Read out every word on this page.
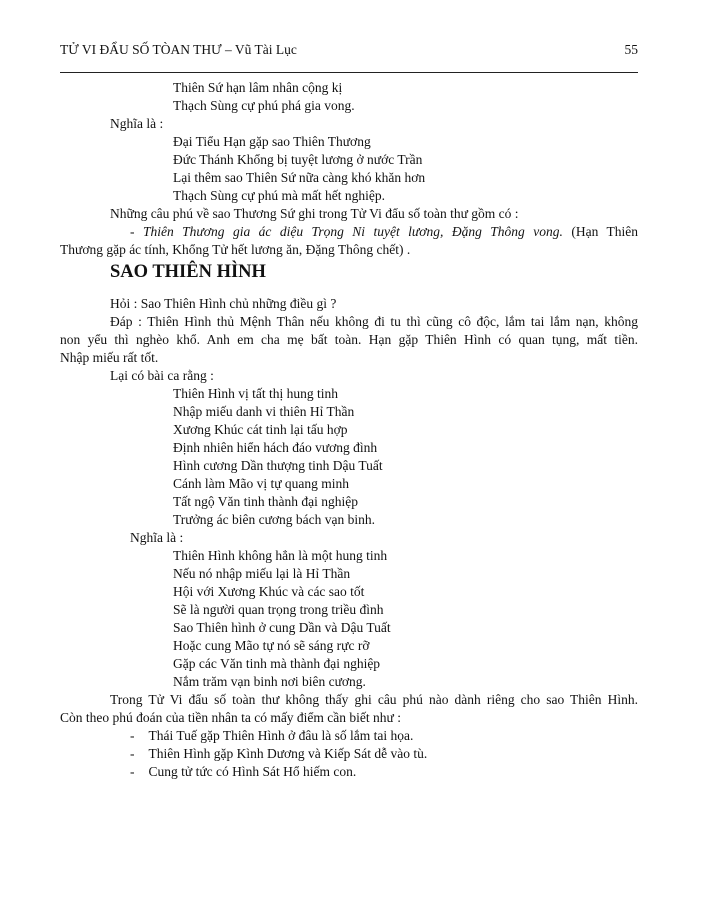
TỬ VI ĐẨU SỐ TÒAN THƯ – Vũ Tài Lục	55
Thiên Sứ hạn lâm nhân cộng kị
Thạch Sùng cự phú phá gia vong.
Nghĩa là :
Đại Tiểu Hạn gặp sao Thiên Thương
Đức Thánh Khổng bị tuyệt lương ở nước Trần
Lại thêm sao Thiên Sứ nữa càng khó khăn hơn
Thạch Sùng cự phú mà mất hết nghiệp.
Những câu phú về sao Thương Sứ ghi trong Tử Vi đẩu số toàn thư gồm có :
- Thiên Thương gia ác diệu Trọng Ni tuyệt lương, Đặng Thông vong. (Hạn Thiên
Thương gặp ác tính, Khổng Tử hết lương ăn, Đặng Thông chết) .
SAO THIÊN HÌNH
Hỏi : Sao Thiên Hình chủ những điều gì ?
Đáp : Thiên Hình thủ Mệnh Thân nếu không đi tu thì cũng cô độc, lắm tai lắm nạn, không
non yểu thì nghèo khổ. Anh em cha mẹ bất toàn. Hạn gặp Thiên Hình có quan tụng, mất tiền.
Nhập miếu rất tốt.
Lại có bài ca rằng :
Thiên Hình vị tất thị hung tinh
Nhập miếu danh vi thiên Hỉ Thần
Xương Khúc cát tinh lại tấu hợp
Định nhiên hiển hách đáo vương đình
Hình cương Dần thượng tinh Dậu Tuất
Cánh làm Mão vị tự quang minh
Tất ngộ Văn tinh thành đại nghiệp
Trưởng ác biên cương bách vạn binh.
Nghĩa là :
Thiên Hình không hẳn là một hung tinh
Nếu nó nhập miếu lại là Hỉ Thần
Hội với Xương Khúc và các sao tốt
Sẽ là người quan trọng trong triều đình
Sao Thiên hình ở cung Dần và Dậu Tuất
Hoặc cung Mão tự nó sẽ sáng rực rỡ
Gặp các Văn tinh mà thành đại nghiệp
Nắm trăm vạn binh nơi biên cương.
Trong Tử Vi đẩu số toàn thư không thấy ghi câu phú nào dành riêng cho sao Thiên Hình.
Còn theo phú đoán của tiền nhân ta có mấy điểm cần biết như :
- Thái Tuế gặp Thiên Hình ở đâu là số lắm tai họa.
- Thiên Hình gặp Kình Dương và Kiếp Sát dễ vào tù.
- Cung tử tức có Hình Sát Hổ hiếm con.
